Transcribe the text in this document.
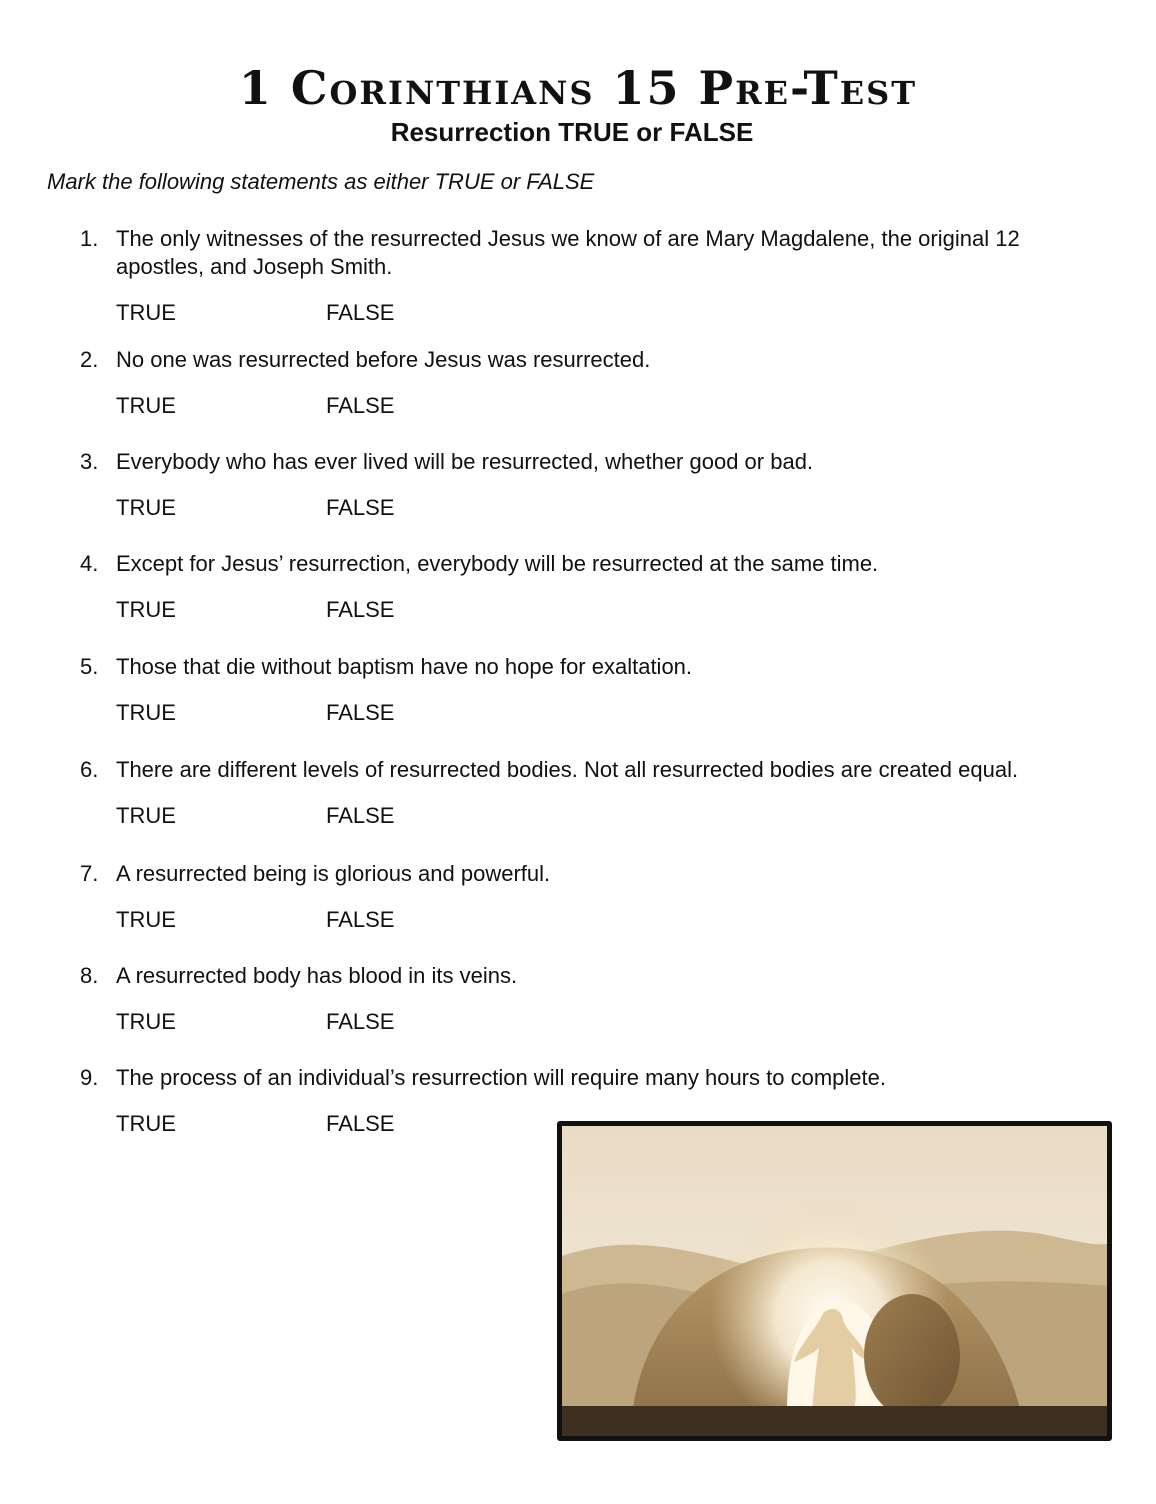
1 Corinthians 15 Pre-Test
Resurrection TRUE or FALSE

Mark the following statements as either TRUE or FALSE

1. The only witnesses of the resurrected Jesus we know of are Mary Magdalene, the original 12 apostles, and Joseph Smith.
TRUE	FALSE
2. No one was resurrected before Jesus was resurrected.
TRUE	FALSE
3. Everybody who has ever lived will be resurrected, whether good or bad.
TRUE	FALSE
4. Except for Jesus’ resurrection, everybody will be resurrected at the same time.
TRUE	FALSE
5. Those that die without baptism have no hope for exaltation.
TRUE	FALSE
6. There are different levels of resurrected bodies. Not all resurrected bodies are created equal.
TRUE	FALSE
7. A resurrected being is glorious and powerful.
TRUE	FALSE
8. A resurrected body has blood in its veins.
TRUE	FALSE
9. The process of an individual’s resurrection will require many hours to complete.
TRUE	FALSE
